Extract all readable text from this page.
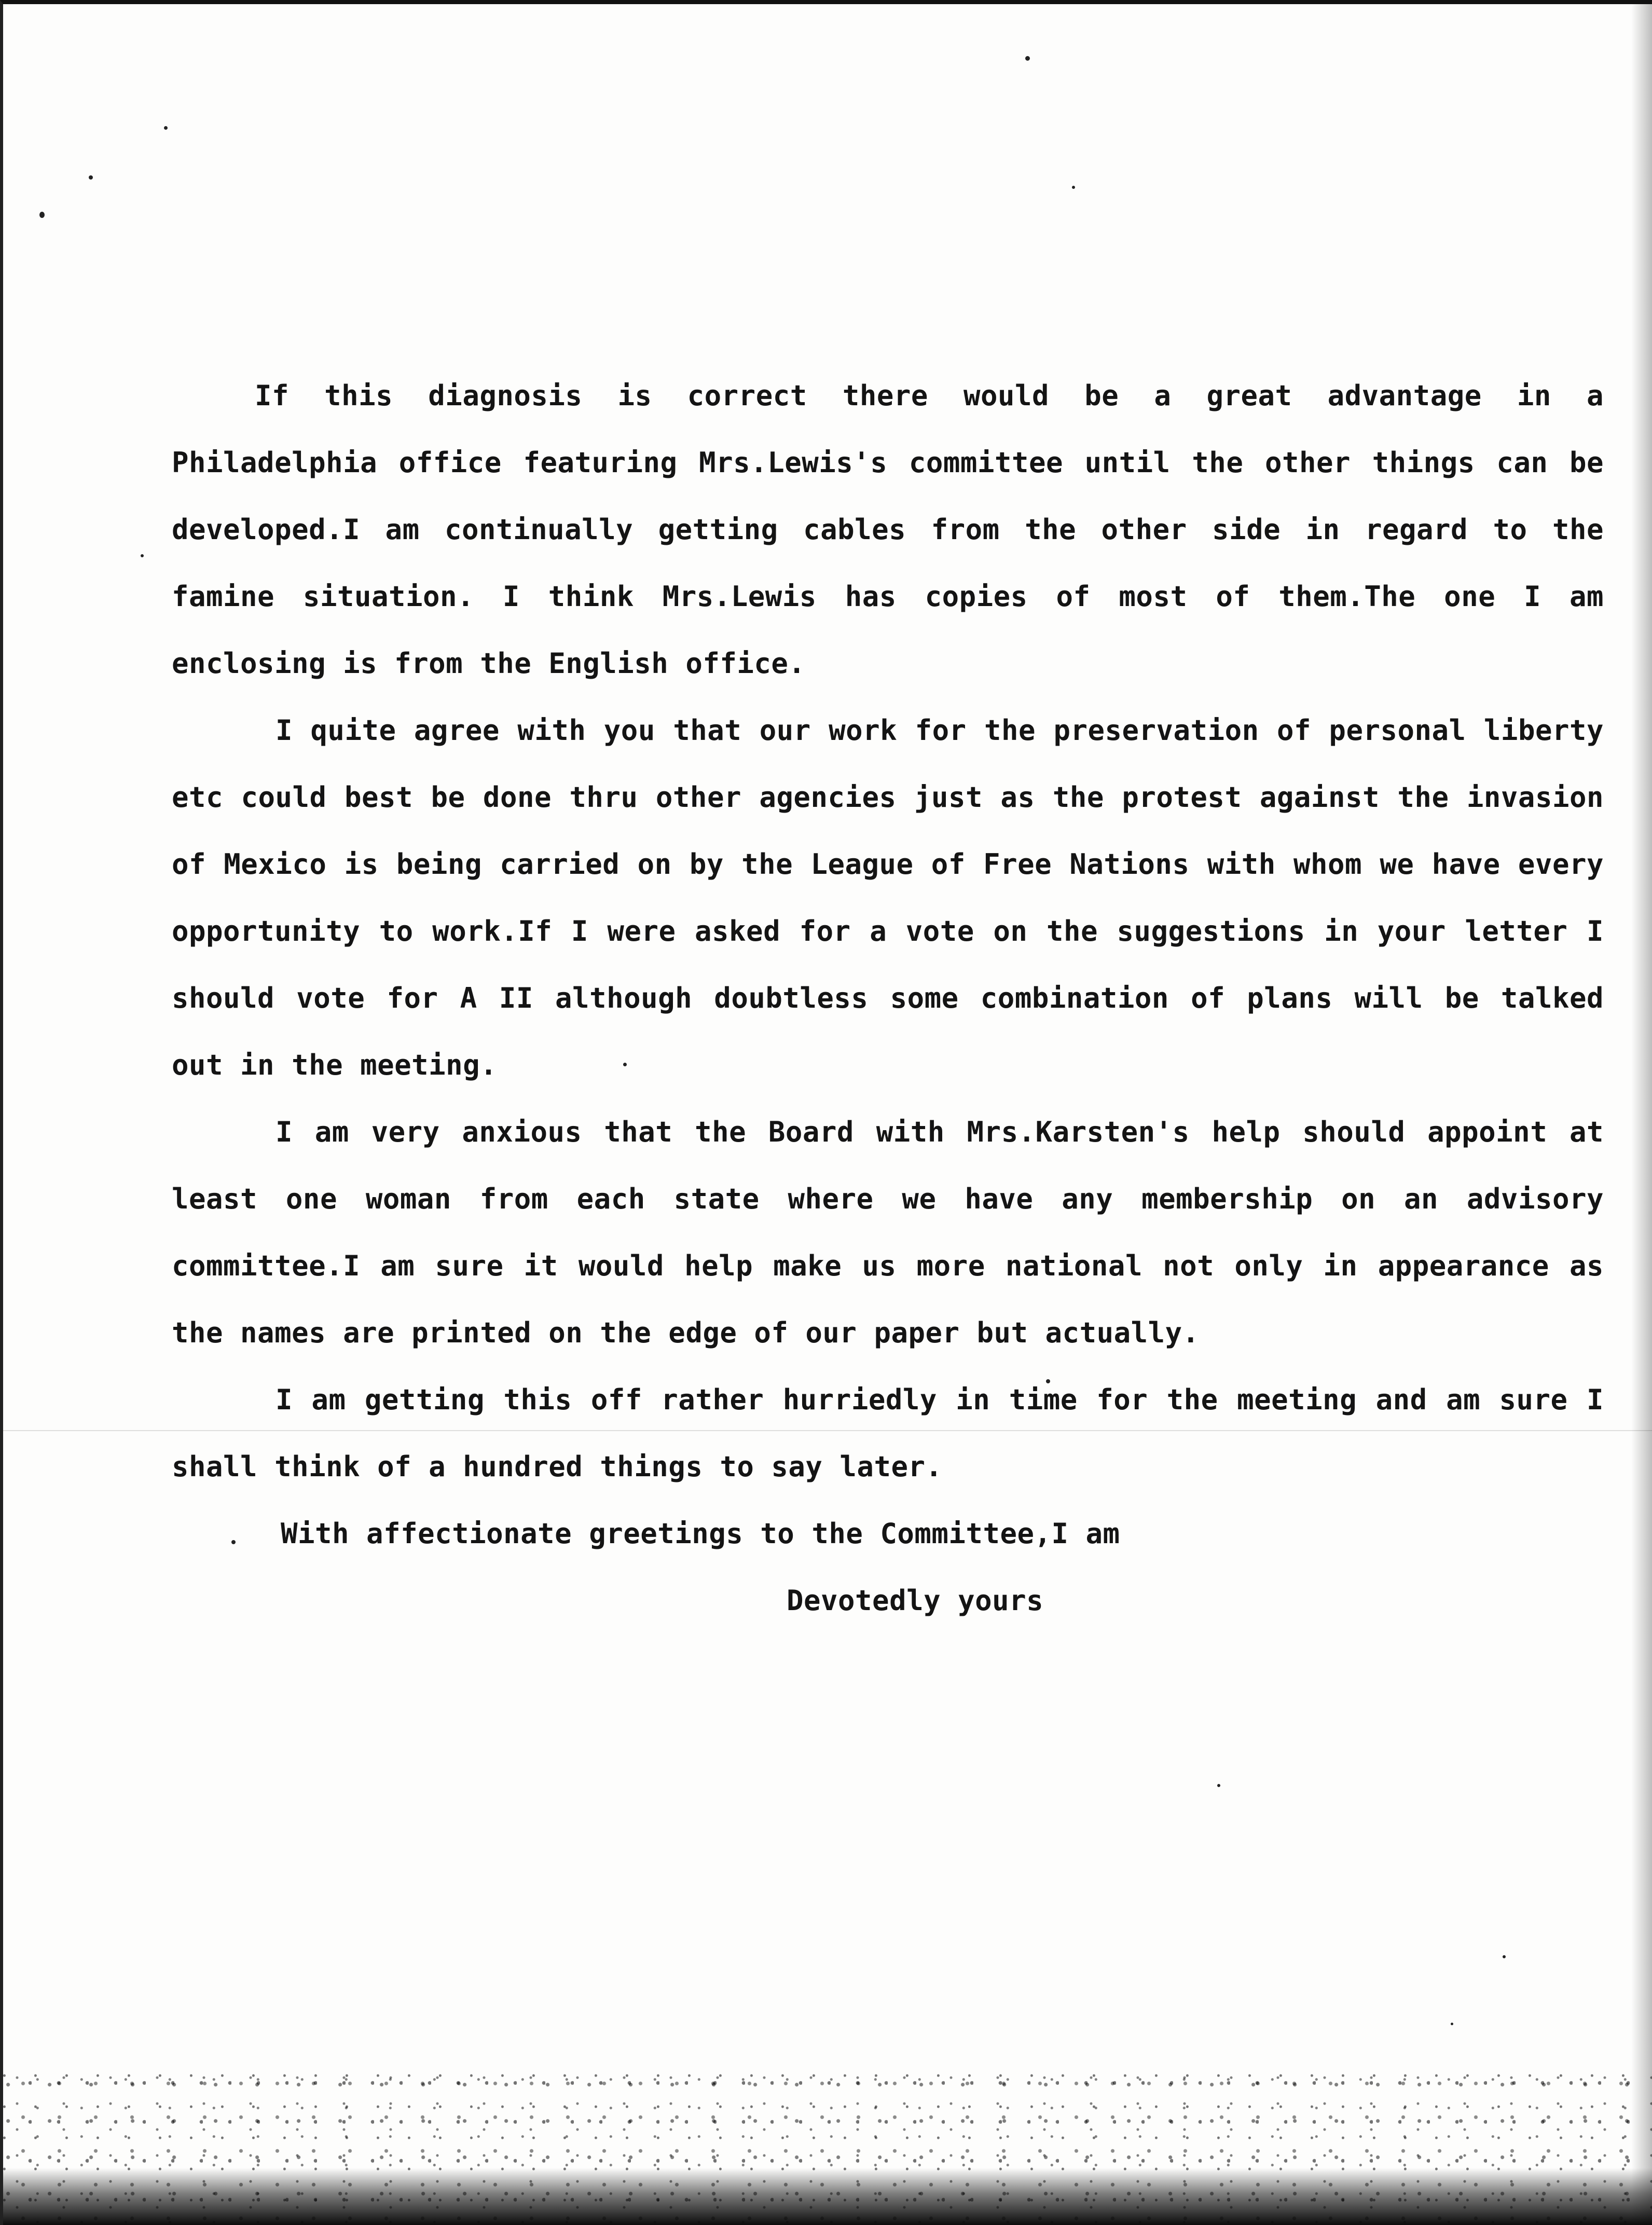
If this diagnosis is correct there would be a great advantage in a Philadelphia office featuring Mrs.Lewis's committee until the other things can be developed.I am continually getting cables from the other side in regard to the famine situation. I think Mrs.Lewis has copies of most of them.The one I am enclosing is from the English office.

I quite agree with you that our work for the preservation of personal liberty etc could best be done thru other agencies just as the protest against the invasion of Mexico is being carried on by the League of Free Nations with whom we have every opportunity to work.If I were asked for a vote on the suggestions in your letter I should vote for A II although doubtless some combination of plans will be talked out in the meeting.

I am very anxious that the Board with Mrs.Karsten's help should appoint at least one woman from each state where we have any membership on an advisory committee.I am sure it would help make us more national not only in appearance as the names are printed on the edge of our paper but actually.

I am getting this off rather hurriedly in time for the meeting and am sure I shall think of a hundred things to say later.

With affectionate greetings to the Committee,I am

Devotedly yours
